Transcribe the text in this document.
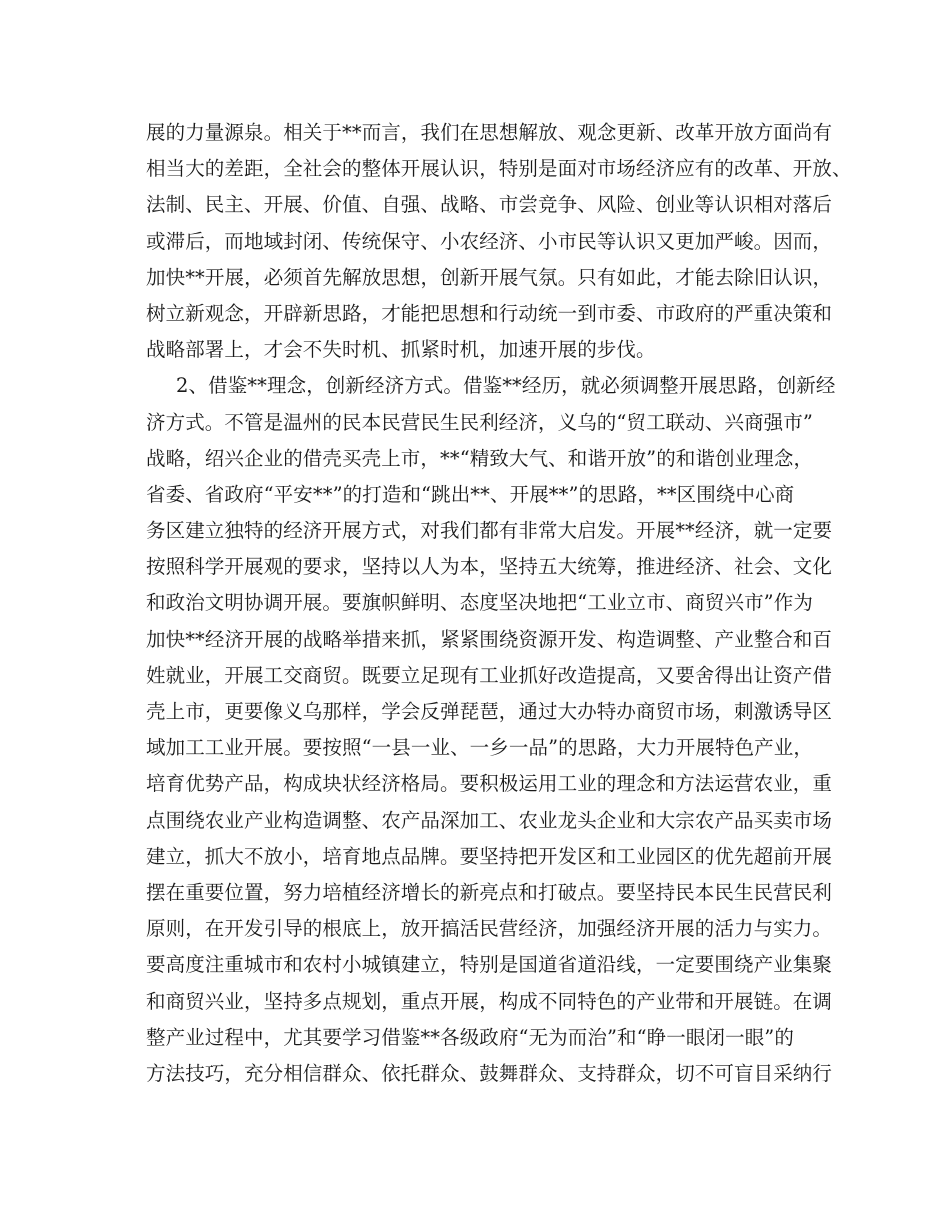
展的力量源泉。相关于**而言，我们在思想解放、观念更新、改革开放方面尚有
相当大的差距，全社会的整体开展认识，特别是面对市场经济应有的改革、开放、
法制、民主、开展、价值、自强、战略、市尝竞争、风险、创业等认识相对落后
或滞后，而地域封闭、传统保守、小农经济、小市民等认识又更加严峻。因而，
加快**开展，必须首先解放思想，创新开展气氛。只有如此，才能去除旧认识，
树立新观念，开辟新思路，才能把思想和行动统一到市委、市政府的严重决策和
战略部署上，才会不失时机、抓紧时机，加速开展的步伐。
2、借鉴**理念，创新经济方式。借鉴**经历，就必须调整开展思路，创新经
济方式。不管是温州的民本民营民生民利经济，义乌的“贸工联动、兴商强市”
战略，绍兴企业的借壳买壳上市，**“精致大气、和谐开放”的和谐创业理念，
省委、省政府“平安**”的打造和“跳出**、开展**”的思路，**区围绕中心商
务区建立独特的经济开展方式，对我们都有非常大启发。开展**经济，就一定要
按照科学开展观的要求，坚持以人为本，坚持五大统筹，推进经济、社会、文化
和政治文明协调开展。要旗帜鲜明、态度坚决地把“工业立市、商贸兴市”作为
加快**经济开展的战略举措来抓，紧紧围绕资源开发、构造调整、产业整合和百
姓就业，开展工交商贸。既要立足现有工业抓好改造提高，又要舍得出让资产借
壳上市，更要像义乌那样，学会反弹琵琶，通过大办特办商贸市场，刺激诱导区
域加工工业开展。要按照“一县一业、一乡一品”的思路，大力开展特色产业，
培育优势产品，构成块状经济格局。要积极运用工业的理念和方法运营农业，重
点围绕农业产业构造调整、农产品深加工、农业龙头企业和大宗农产品买卖市场
建立，抓大不放小，培育地点品牌。要坚持把开发区和工业园区的优先超前开展
摆在重要位置，努力培植经济增长的新亮点和打破点。要坚持民本民生民营民利
原则，在开发引导的根底上，放开搞活民营经济，加强经济开展的活力与实力。
要高度注重城市和农村小城镇建立，特别是国道省道沿线，一定要围绕产业集聚
和商贸兴业，坚持多点规划，重点开展，构成不同特色的产业带和开展链。在调
整产业过程中，尤其要学习借鉴**各级政府“无为而治”和“睁一眼闭一眼”的
方法技巧，充分相信群众、依托群众、鼓舞群众、支持群众，切不可盲目采纳行
